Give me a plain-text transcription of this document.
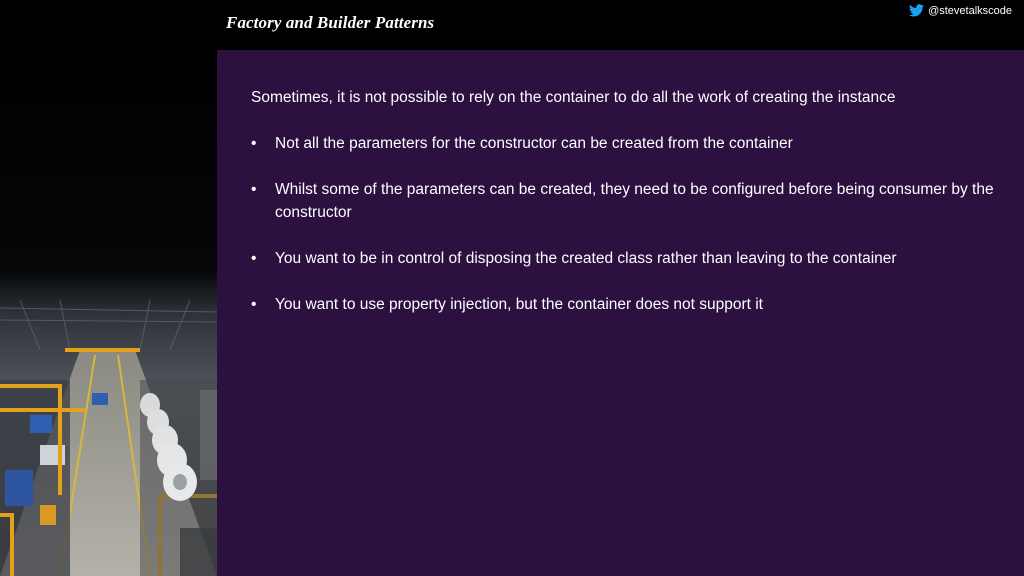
Factory and Builder Patterns
@stevetalkscode
Sometimes, it is not possible to rely on the container to do all the work of creating the instance
• Not all the parameters for the constructor can be created from the container
• Whilst some of the parameters can be created, they need to be configured before being consumer by the constructor
• You want to be in control of disposing the created class rather than leaving to the container
• You want to use property injection, but the container does not support it
